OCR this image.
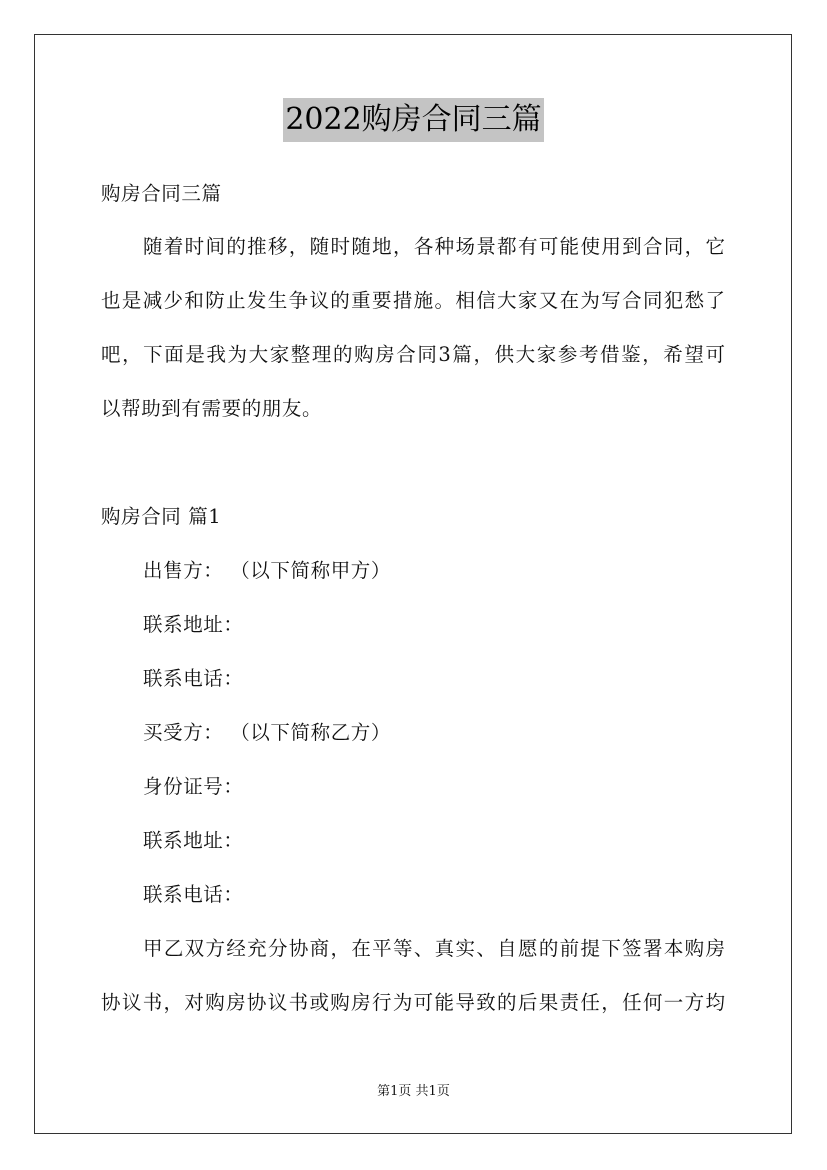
2022购房合同三篇
购房合同三篇
随着时间的推移，随时随地，各种场景都有可能使用到合同，它
也是减少和防止发生争议的重要措施。相信大家又在为写合同犯愁了
吧，下面是我为大家整理的购房合同3篇，供大家参考借鉴，希望可
以帮助到有需要的朋友。
购房合同 篇1
出售方： （以下简称甲方）
联系地址：
联系电话：
买受方： （以下简称乙方）
身份证号：
联系地址：
联系电话：
甲乙双方经充分协商，在平等、真实、自愿的前提下签署本购房
协议书，对购房协议书或购房行为可能导致的后果责任，任何一方均
第1页 共1页
